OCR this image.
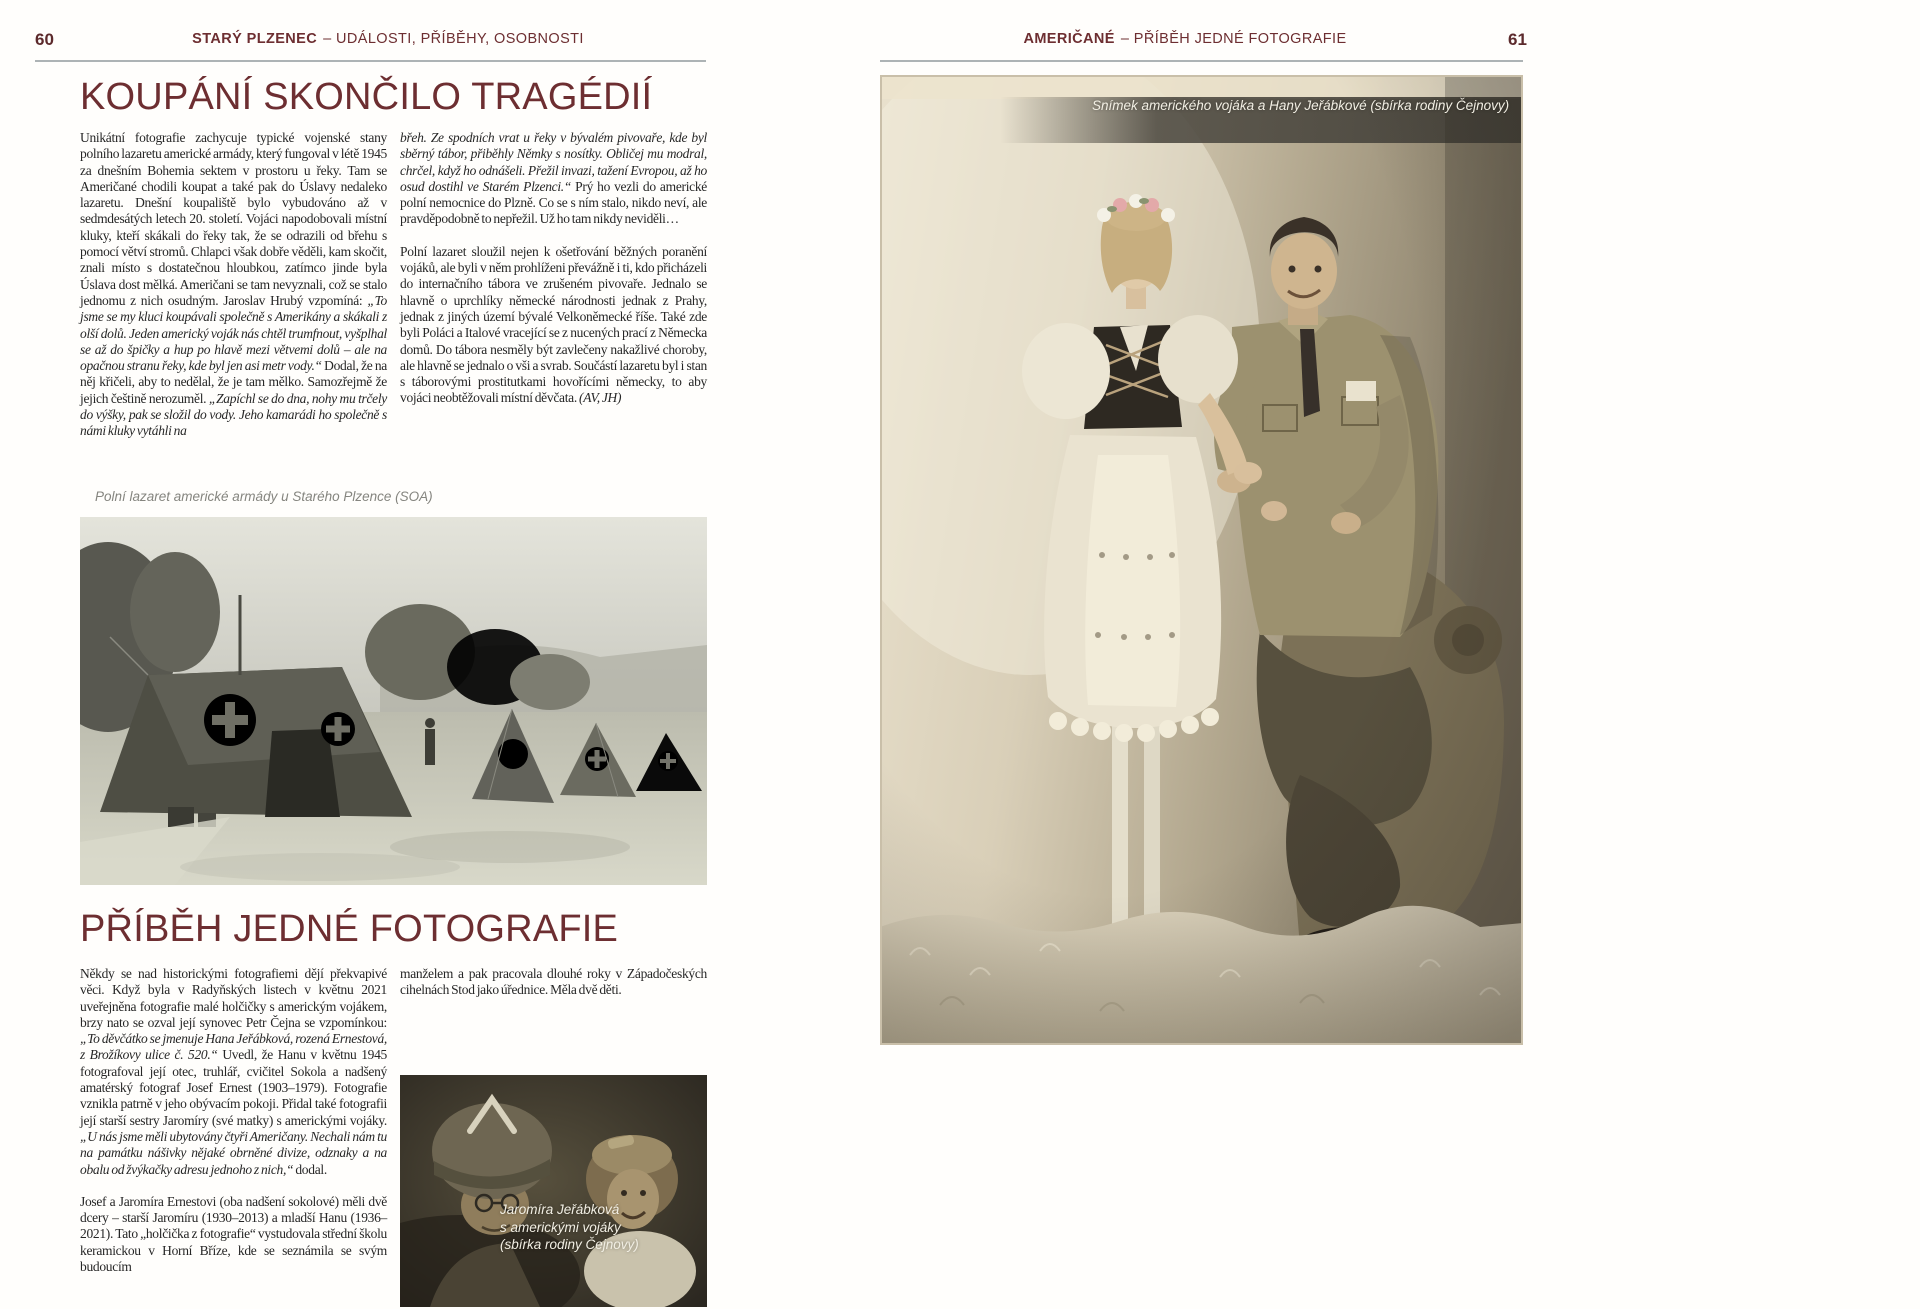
60	STARÝ PLZENEC – UDÁLOSTI, PŘÍBĚHY, OSOBNOSTI	AMERIČANÉ – PŘÍBĚH JEDNÉ FOTOGRAFIE	61
KOUPÁNÍ SKONČILO TRAGÉDIÍ

Unikátní fotografie zachycuje typické vojenské stany polního lazaretu americké armády, který fungoval v létě 1945 za dnešním Bohemia sektem v prostoru u řeky. Tam se Američané chodili koupat a také pak do Úslavy nedaleko lazaretu. Dnešní koupaliště bylo vybudováno až v sedmdesátých letech 20. století. Vojáci napodobovali místní kluky, kteří skákali do řeky tak, že se odrazili od břehu s pomocí větví stromů. Chlapci však dobře věděli, kam skočit, znali místo s dostatečnou hloubkou, zatímco jinde byla Úslava dost mělká. Američani se tam nevyznali, což se stalo jednomu z nich osudným. Jaroslav Hrubý vzpomíná: „To jsme se my kluci koupávali společně s Amerikány a skákali z olší dolů. Jeden americký voják nás chtěl trumfnout, vyšplhal se až do špičky a hup po hlavě mezi větvemi dolů – ale na opačnou stranu řeky, kde byl jen asi metr vody.“ Dodal, že na něj křičeli, aby to nedělal, že je tam mělko. Samozřejmě že jejich češtině nerozuměl. „Zapíchl se do dna, nohy mu trčely do výšky, pak se složil do vody. Jeho kamarádi ho společně s námi kluky vytáhli na

břeh. Ze spodních vrat u řeky v bývalém pivovaře, kde byl sběrný tábor, přiběhly Němky s nosítky. Obličej mu modral, chrčel, když ho odnášeli. Přežil invazi, tažení Evropou, až ho osud dostihl ve Starém Plzenci.“ Prý ho vezli do americké polní nemocnice do Plzně. Co se s ním stalo, nikdo neví, ale pravděpodobně to nepřežil. Už ho tam nikdy neviděli…

Polní lazaret sloužil nejen k ošetřování běžných poranění vojáků, ale byli v něm prohlíženi převážně i ti, kdo přicházeli do internačního tábora ve zrušeném pivovaře. Jednalo se hlavně o uprchlíky německé národnosti jednak z Prahy, jednak z jiných území bývalé Velkoněmecké říše. Také zde byli Poláci a Italové vracející se z nucených prací z Německa domů. Do tábora nesměly být zavlečeny nakažlivé choroby, ale hlavně se jednalo o vši a svrab. Součástí lazaretu byl i stan s táborovými prostitutkami hovořícími německy, to aby vojáci neobtěžovali místní děvčata. (AV, JH)

Polní lazaret americké armády u Starého Plzence (SOA)
PŘÍBĚH JEDNÉ FOTOGRAFIE

Někdy se nad historickými fotografiemi dějí překvapivé věci. Když byla v Radyňských listech v květnu 2021 uveřejněna fotografie malé holčičky s americkým vojákem, brzy nato se ozval její synovec Petr Čejna se vzpomínkou: „To děvčátko se jmenuje Hana Jeřábková, rozená Ernestová, z Brožíkovy ulice č. 520.“ Uvedl, že Hanu v květnu 1945 fotografoval její otec, truhlář, cvičitel Sokola a nadšený amatérský fotograf Josef Ernest (1903–1979). Fotografie vznikla patrně v jeho obývacím pokoji. Přidal také fotografii její starší sestry Jaromíry (své matky) s americkými vojáky. „U nás jsme měli ubytovány čtyři Američany. Nechali nám tu na památku nášivky nějaké obrněné divize, odznaky a na obalu od žvýkačky adresu jednoho z nich,“ dodal.

Josef a Jaromíra Ernestovi (oba nadšení sokolové) měli dvě dcery – starší Jaromíru (1930–2013) a mladší Hanu (1936–2021). Tato „holčička z fotografie“ vystudovala střední školu keramickou v Horní Bříze, kde se seznámila se svým budoucím

manželem a pak pracovala dlouhé roky v Západočeských cihelnách Stod jako úřednice. Měla dvě děti.

Jaromíra Jeřábková
s americkými vojáky
(sbírka rodiny Čejnovy)
Snímek amerického vojáka a Hany Jeřábkové (sbírka rodiny Čejnovy)
